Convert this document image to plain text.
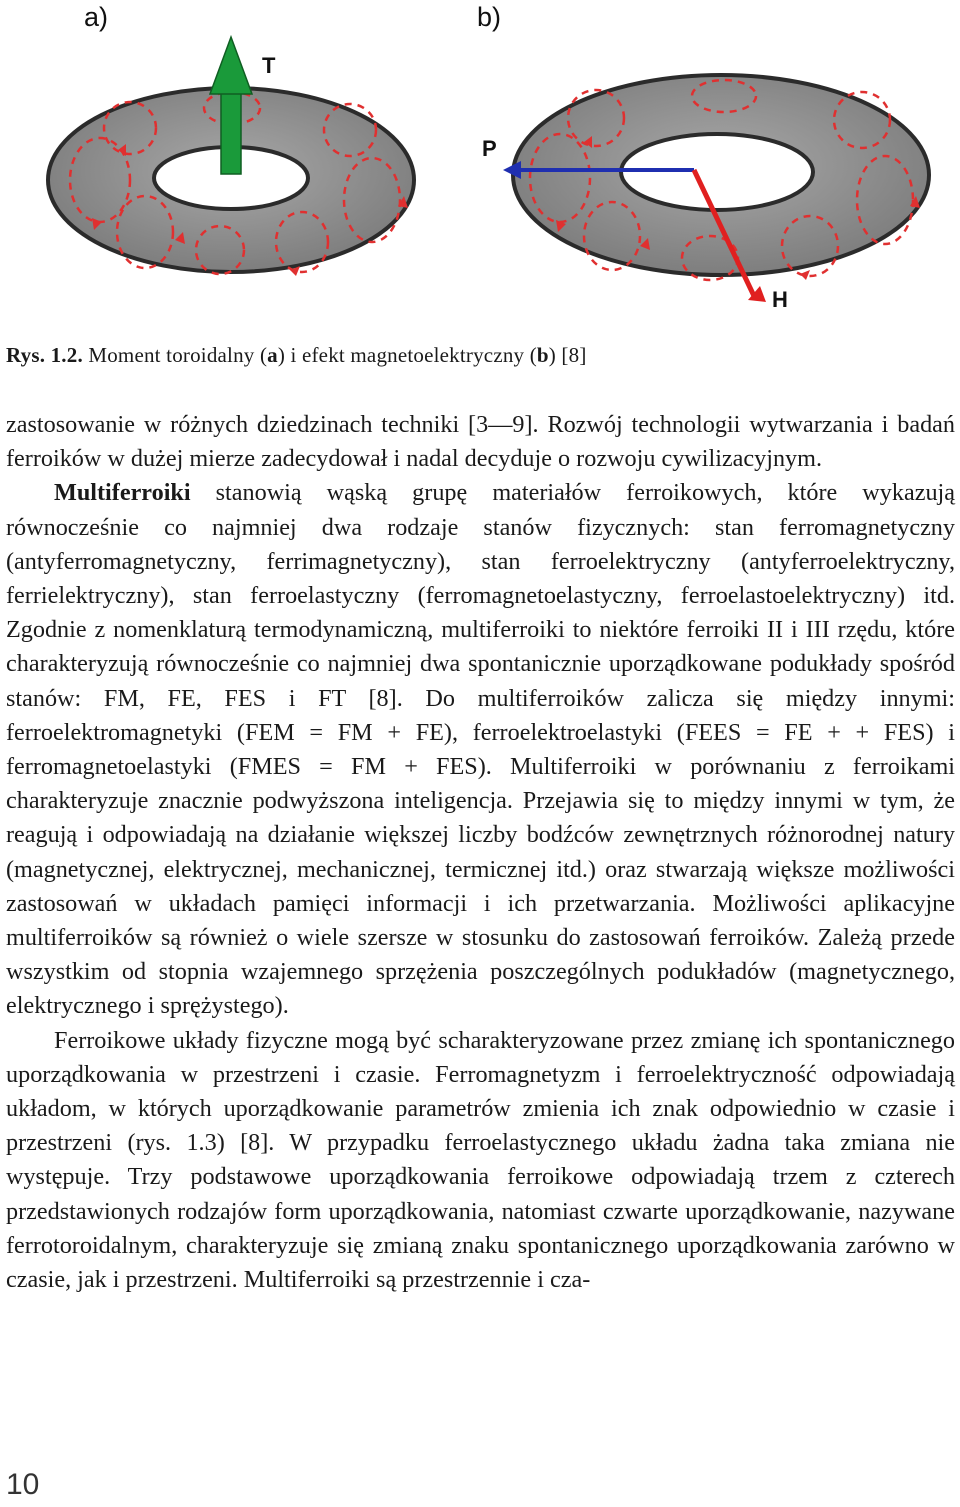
a)	b)
T
P
H
Rys. 1.2. Moment toroidalny (a) i efekt magnetoelektryczny (b) [8]

zastosowanie w różnych dziedzinach techniki [3—9]. Rozwój technologii wytwarzania i badań ferroików w dużej mierze zadecydował i nadal decyduje o rozwoju cywilizacyjnym.

Multiferroiki stanowią wąską grupę materiałów ferroikowych, które wykazują równocześnie co najmniej dwa rodzaje stanów fizycznych: stan ferromagnetyczny (antyferromagnetyczny, ferrimagnetyczny), stan ferroelektryczny (antyferroelektryczny, ferrielektryczny), stan ferroelastyczny (ferromagnetoelastyczny, ferroelastoelektryczny) itd. Zgodnie z nomenklaturą termodynamiczną, multiferroiki to niektóre ferroiki II i III rzędu, które charakteryzują równocześnie co najmniej dwa spontanicznie uporządkowane podukłady spośród stanów: FM, FE, FES i FT [8]. Do multiferroików zalicza się między innymi: ferroelektromagnetyki (FEM = FM + FE), ferroelektroelastyki (FEES = FE + + FES) i ferromagnetoelastyki (FMES = FM + FES). Multiferroiki w porównaniu z ferroikami charakteryzuje znacznie podwyższona inteligencja. Przejawia się to między innymi w tym, że reagują i odpowiadają na działanie większej liczby bodźców zewnętrznych różnorodnej natury (magnetycznej, elektrycznej, mechanicznej, termicznej itd.) oraz stwarzają większe możliwości zastosowań w układach pamięci informacji i ich przetwarzania. Możliwości aplikacyjne multiferroików są również o wiele szersze w stosunku do zastosowań ferroików. Zależą przede wszystkim od stopnia wzajemnego sprzężenia poszczególnych podukładów (magnetycznego, elektrycznego i sprężystego).

Ferroikowe układy fizyczne mogą być scharakteryzowane przez zmianę ich spontanicznego uporządkowania w przestrzeni i czasie. Ferromagnetyzm i ferroelektryczność odpowiadają układom, w których uporządkowanie parametrów zmienia ich znak odpowiednio w czasie i przestrzeni (rys. 1.3) [8]. W przypadku ferroelastycznego układu żadna taka zmiana nie występuje. Trzy podstawowe uporządkowania ferroikowe odpowiadają trzem z czterech przedstawionych rodzajów form uporządkowania, natomiast czwarte uporządkowanie, nazywane ferrotoroidalnym, charakteryzuje się zmianą znaku spontanicznego uporządkowania zarówno w czasie, jak i przestrzeni. Multiferroiki są przestrzennie i cza-

10
